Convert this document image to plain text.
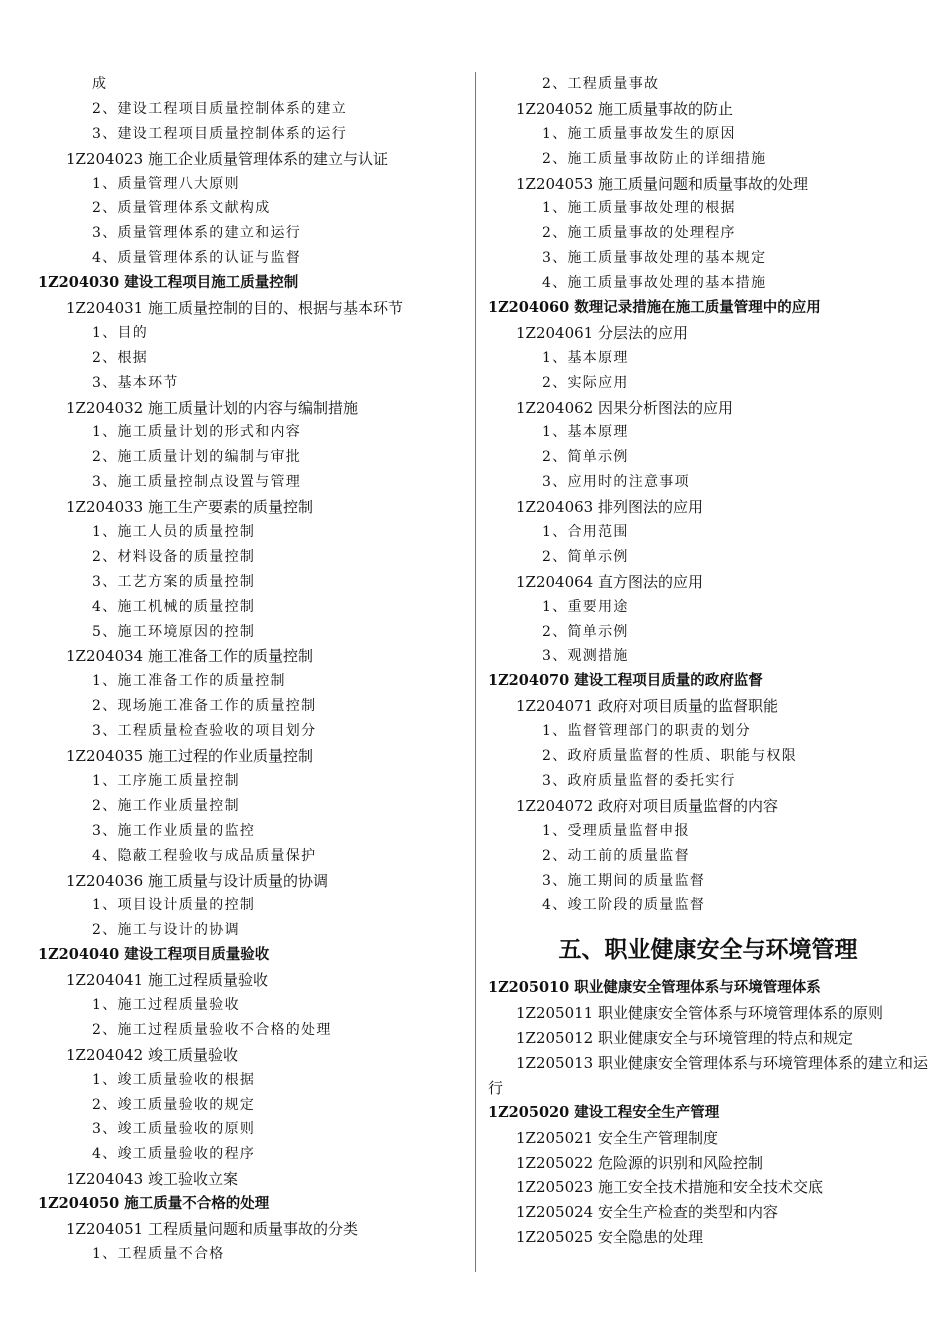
成
2、建设工程项目质量控制体系的建立
3、建设工程项目质量控制体系的运行
1Z204023 施工企业质量管理体系的建立与认证
1、质量管理八大原则
2、质量管理体系文献构成
3、质量管理体系的建立和运行
4、质量管理体系的认证与监督
1Z204030 建设工程项目施工质量控制
1Z204031 施工质量控制的目的、根据与基本环节
1、目的
2、根据
3、基本环节
1Z204032 施工质量计划的内容与编制措施
1、施工质量计划的形式和内容
2、施工质量计划的编制与审批
3、施工质量控制点设置与管理
1Z204033 施工生产要素的质量控制
1、施工人员的质量控制
2、材料设备的质量控制
3、工艺方案的质量控制
4、施工机械的质量控制
5、施工环境原因的控制
1Z204034 施工准备工作的质量控制
1、施工准备工作的质量控制
2、现场施工准备工作的质量控制
3、工程质量检查验收的项目划分
1Z204035 施工过程的作业质量控制
1、工序施工质量控制
2、施工作业质量控制
3、施工作业质量的监控
4、隐蔽工程验收与成品质量保护
1Z204036 施工质量与设计质量的协调
1、项目设计质量的控制
2、施工与设计的协调
1Z204040 建设工程项目质量验收
1Z204041 施工过程质量验收
1、施工过程质量验收
2、施工过程质量验收不合格的处理
1Z204042 竣工质量验收
1、竣工质量验收的根据
2、竣工质量验收的规定
3、竣工质量验收的原则
4、竣工质量验收的程序
1Z204043 竣工验收立案
1Z204050 施工质量不合格的处理
1Z204051 工程质量问题和质量事故的分类
1、工程质量不合格
2、工程质量事故
1Z204052 施工质量事故的防止
1、施工质量事故发生的原因
2、施工质量事故防止的详细措施
1Z204053 施工质量问题和质量事故的处理
1、施工质量事故处理的根据
2、施工质量事故的处理程序
3、施工质量事故处理的基本规定
4、施工质量事故处理的基本措施
1Z204060 数理记录措施在施工质量管理中的应用
1Z204061 分层法的应用
1、基本原理
2、实际应用
1Z204062 因果分析图法的应用
1、基本原理
2、简单示例
3、应用时的注意事项
1Z204063 排列图法的应用
1、合用范围
2、简单示例
1Z204064 直方图法的应用
1、重要用途
2、简单示例
3、观测措施
1Z204070 建设工程项目质量的政府监督
1Z204071 政府对项目质量的监督职能
1、监督管理部门的职责的划分
2、政府质量监督的性质、职能与权限
3、政府质量监督的委托实行
1Z204072 政府对项目质量监督的内容
1、受理质量监督申报
2、动工前的质量监督
3、施工期间的质量监督
4、竣工阶段的质量监督
五、职业健康安全与环境管理
1Z205010 职业健康安全管理体系与环境管理体系
1Z205011 职业健康安全管体系与环境管理体系的原则
1Z205012 职业健康安全与环境管理的特点和规定
1Z205013 职业健康安全管理体系与环境管理体系的建立和运行
1Z205020 建设工程安全生产管理
1Z205021 安全生产管理制度
1Z205022 危险源的识别和风险控制
1Z205023 施工安全技术措施和安全技术交底
1Z205024 安全生产检查的类型和内容
1Z205025 安全隐患的处理
